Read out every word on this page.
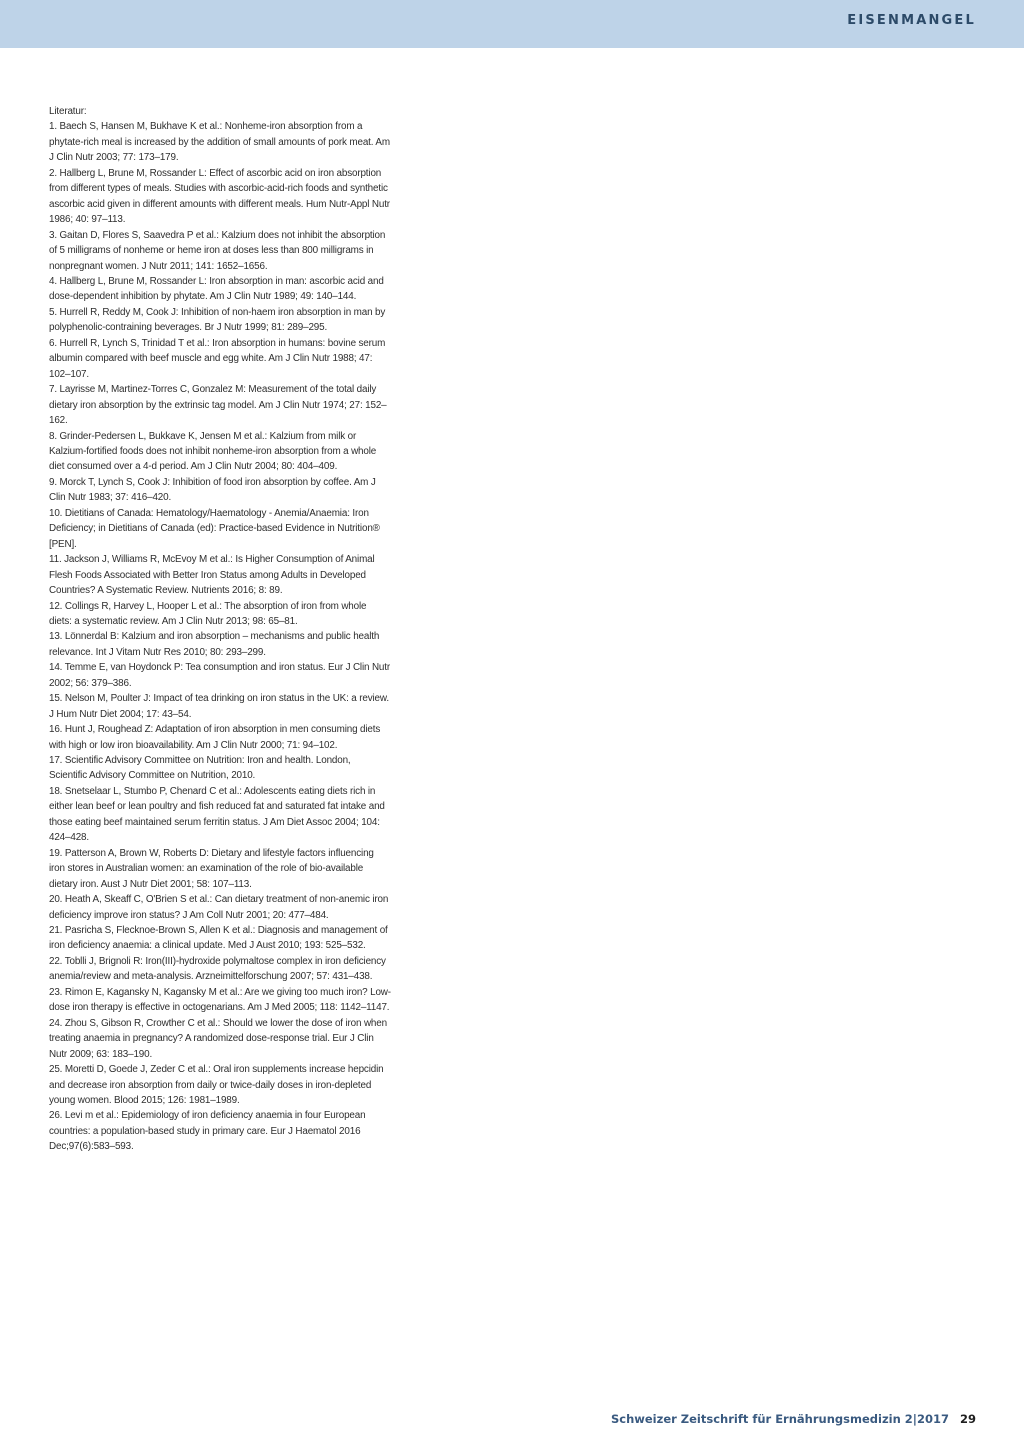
EISENMANGEL
Literatur:
1. Baech S, Hansen M, Bukhave K et al.: Nonheme-iron absorption from a phytate-rich meal is increased by the addition of small amounts of pork meat. Am J Clin Nutr 2003; 77: 173–179.
2. Hallberg L, Brune M, Rossander L: Effect of ascorbic acid on iron absorption from different types of meals. Studies with ascorbic-acid-rich foods and synthetic ascorbic acid given in different amounts with different meals. Hum Nutr-Appl Nutr 1986; 40: 97–113.
3. Gaitan D, Flores S, Saavedra P et al.: Kalzium does not inhibit the absorption of 5 milligrams of nonheme or heme iron at doses less than 800 milligrams in nonpregnant women. J Nutr 2011; 141: 1652–1656.
4. Hallberg L, Brune M, Rossander L: Iron absorption in man: ascorbic acid and dose-dependent inhibition by phytate. Am J Clin Nutr 1989; 49: 140–144.
5. Hurrell R, Reddy M, Cook J: Inhibition of non-haem iron absorption in man by polyphenolic-contraining beverages. Br J Nutr 1999; 81: 289–295.
6. Hurrell R, Lynch S, Trinidad T et al.: Iron absorption in humans: bovine serum albumin compared with beef muscle and egg white. Am J Clin Nutr 1988; 47: 102–107.
7. Layrisse M, Martinez-Torres C, Gonzalez M: Measurement of the total daily dietary iron absorption by the extrinsic tag model. Am J Clin Nutr 1974; 27: 152–162.
8. Grinder-Pedersen L, Bukkave K, Jensen M et al.: Kalzium from milk or Kalzium-fortified foods does not inhibit nonheme-iron absorption from a whole diet consumed over a 4-d period. Am J Clin Nutr 2004; 80: 404–409.
9. Morck T, Lynch S, Cook J: Inhibition of food iron absorption by coffee. Am J Clin Nutr 1983; 37: 416–420.
10. Dietitians of Canada: Hematology/Haematology - Anemia/Anaemia: Iron Deficiency; in Dietitians of Canada (ed): Practice-based Evidence in Nutrition® [PEN].
11. Jackson J, Williams R, McEvoy M et al.: Is Higher Consumption of Animal Flesh Foods Associated with Better Iron Status among Adults in Developed Countries? A Systematic Review. Nutrients 2016; 8: 89.
12. Collings R, Harvey L, Hooper L et al.: The absorption of iron from whole diets: a systematic review. Am J Clin Nutr 2013; 98: 65–81.
13. Lönnerdal B: Kalzium and iron absorption – mechanisms and public health relevance. Int J Vitam Nutr Res 2010; 80: 293–299.
14. Temme E, van Hoydonck P: Tea consumption and iron status. Eur J Clin Nutr 2002; 56: 379–386.
15. Nelson M, Poulter J: Impact of tea drinking on iron status in the UK: a review. J Hum Nutr Diet 2004; 17: 43–54.
16. Hunt J, Roughead Z: Adaptation of iron absorption in men consuming diets with high or low iron bioavailability. Am J Clin Nutr 2000; 71: 94–102.
17. Scientific Advisory Committee on Nutrition: Iron and health. London, Scientific Advisory Committee on Nutrition, 2010.
18. Snetselaar L, Stumbo P, Chenard C et al.: Adolescents eating diets rich in either lean beef or lean poultry and fish reduced fat and saturated fat intake and those eating beef maintained serum ferritin status. J Am Diet Assoc 2004; 104: 424–428.
19. Patterson A, Brown W, Roberts D: Dietary and lifestyle factors influencing iron stores in Australian women: an examination of the role of bio-available dietary iron. Aust J Nutr Diet 2001; 58: 107–113.
20. Heath A, Skeaff C, O'Brien S et al.: Can dietary treatment of non-anemic iron deficiency improve iron status? J Am Coll Nutr 2001; 20: 477–484.
21. Pasricha S, Flecknoe-Brown S, Allen K et al.: Diagnosis and management of iron deficiency anaemia: a clinical update. Med J Aust 2010; 193: 525–532.
22. Toblli J, Brignoli R: Iron(III)-hydroxide polymaltose complex in iron deficiency anemia/review and meta-analysis. Arzneimittelforschung 2007; 57: 431–438.
23. Rimon E, Kagansky N, Kagansky M et al.: Are we giving too much iron? Low-dose iron therapy is effective in octogenarians. Am J Med 2005; 118: 1142–1147.
24. Zhou S, Gibson R, Crowther C et al.: Should we lower the dose of iron when treating anaemia in pregnancy? A randomized dose-response trial. Eur J Clin Nutr 2009; 63: 183–190.
25. Moretti D, Goede J, Zeder C et al.: Oral iron supplements increase hepcidin and decrease iron absorption from daily or twice-daily doses in iron-depleted young women. Blood 2015; 126: 1981–1989.
26. Levi m et al.: Epidemiology of iron deficiency anaemia in four European countries: a population-based study in primary care. Eur J Haematol 2016 Dec;97(6):583–593.
Schweizer Zeitschrift für Ernährungsmedizin 2|2017 29
